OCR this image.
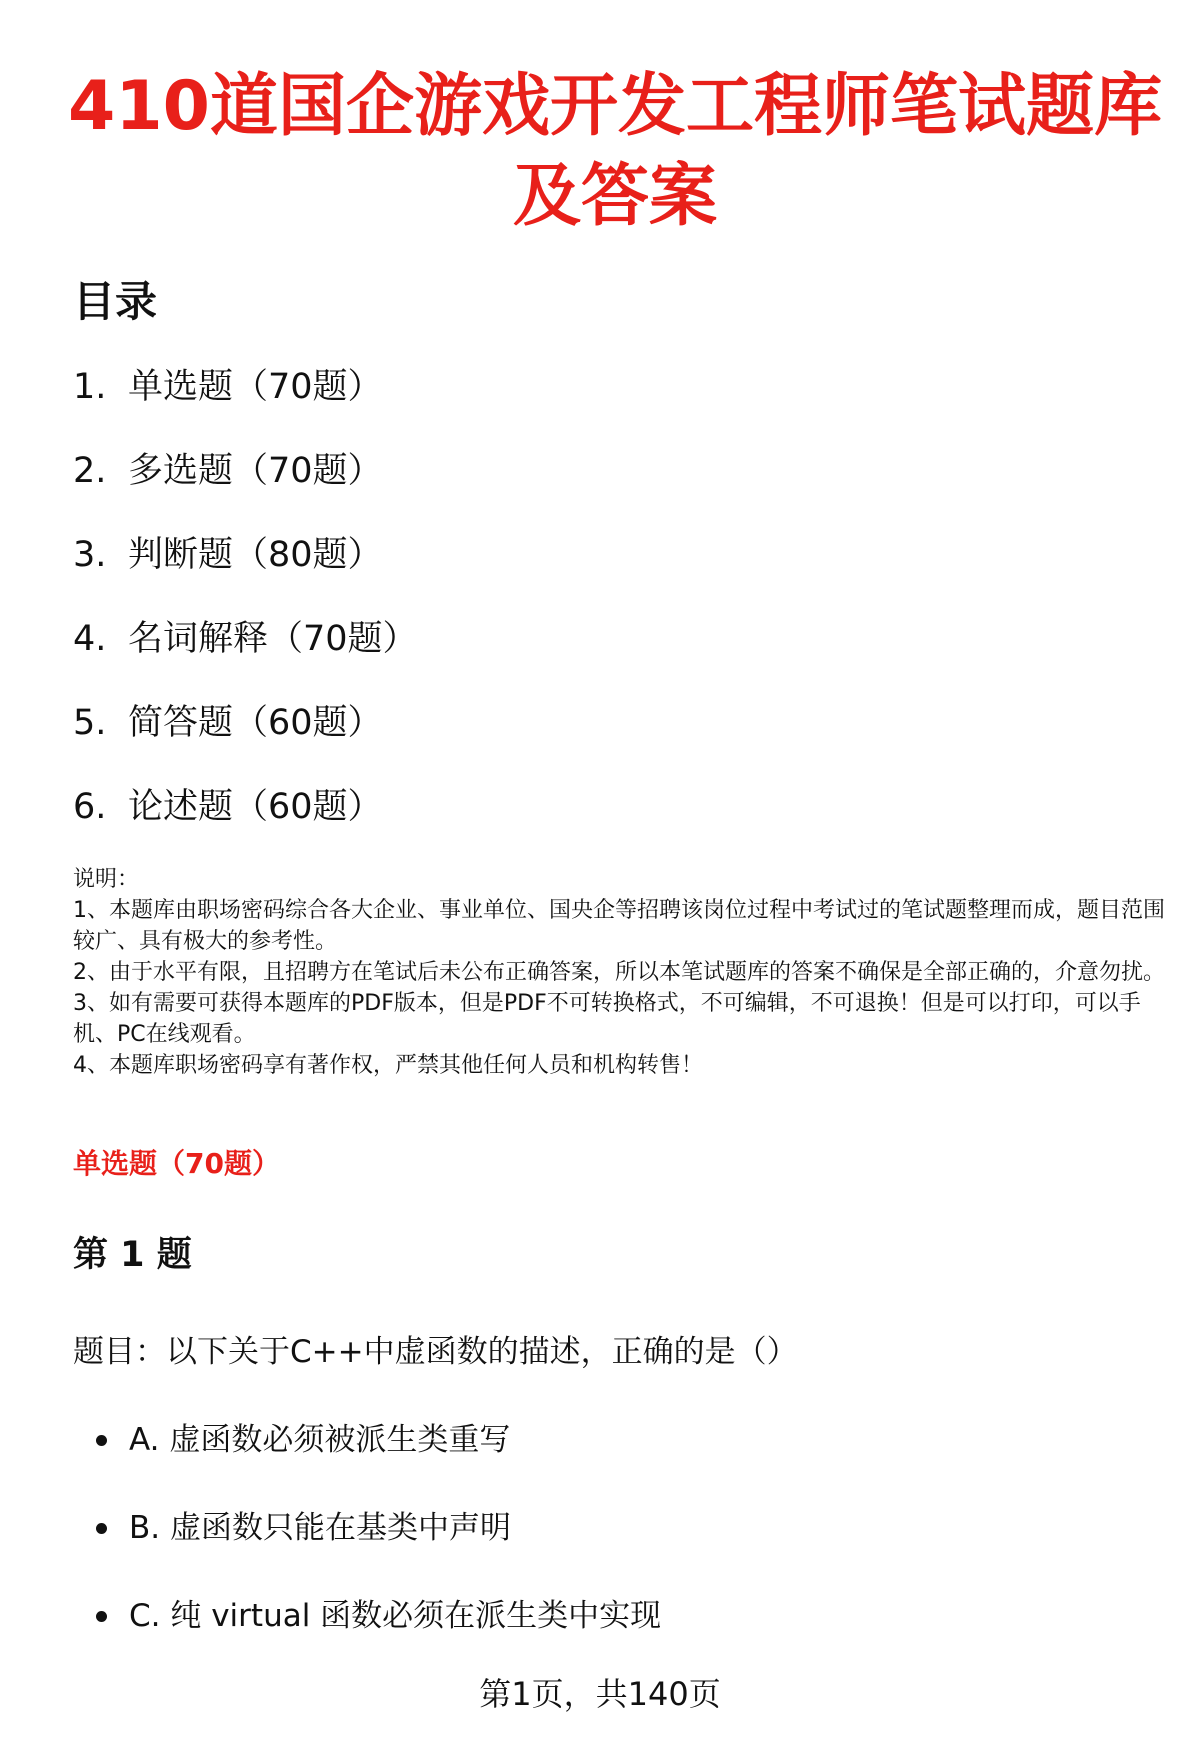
410道国企游戏开发工程师笔试题库及答案
目录
1. 单选题（70题）
2. 多选题（70题）
3. 判断题（80题）
4. 名词解释（70题）
5. 简答题（60题）
6. 论述题（60题）

说明：

1、本题库由职场密码综合各大企业、事业单位、国央企等招聘该岗位过程中考试过的笔试题整理而成，题目范围较广、具有极大的参考性。

2、由于水平有限，且招聘方在笔试后未公布正确答案，所以本笔试题库的答案不确保是全部正确的，介意勿扰。

3、如有需要可获得本题库的PDF版本，但是PDF不可转换格式，不可编辑，不可退换！但是可以打印，可以手机、PC在线观看。

4、本题库职场密码享有著作权，严禁其他任何人员和机构转售！

单选题（70题）
第 1 题
题目：以下关于C++中虚函数的描述，正确的是（）
A. 虚函数必须被派生类重写
B. 虚函数只能在基类中声明
C. 纯 virtual 函数必须在派生类中实现
第1页，共140页
